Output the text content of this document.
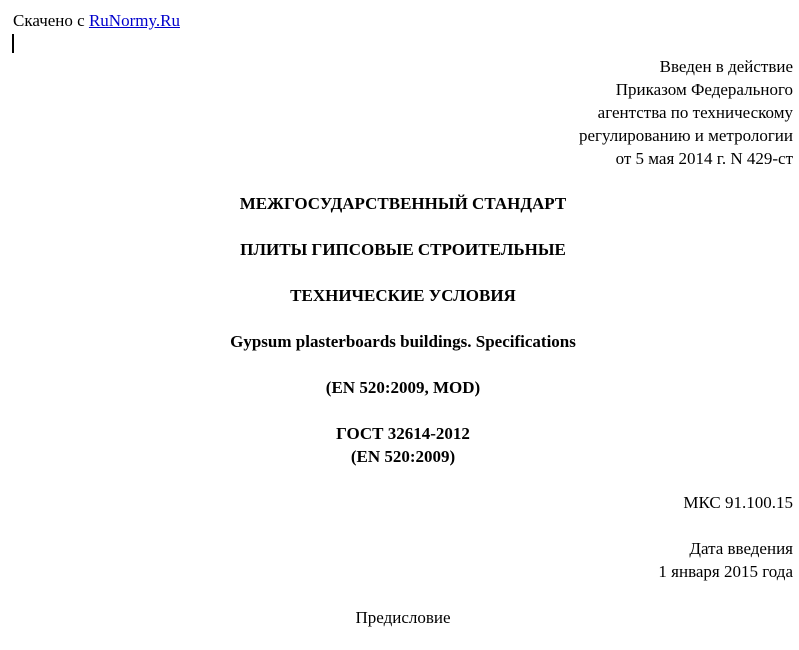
Скачено с RuNormy.Ru
Введен в действие
Приказом Федерального
агентства по техническому
регулированию и метрологии
от 5 мая 2014 г. N 429-ст
МЕЖГОСУДАРСТВЕННЫЙ СТАНДАРТ
ПЛИТЫ ГИПСОВЫЕ СТРОИТЕЛЬНЫЕ
ТЕХНИЧЕСКИЕ УСЛОВИЯ
Gypsum plasterboards buildings. Specifications
(EN 520:2009, MOD)
ГОСТ 32614-2012
(EN 520:2009)
МКС 91.100.15
Дата введения
1 января 2015 года
Предисловие
